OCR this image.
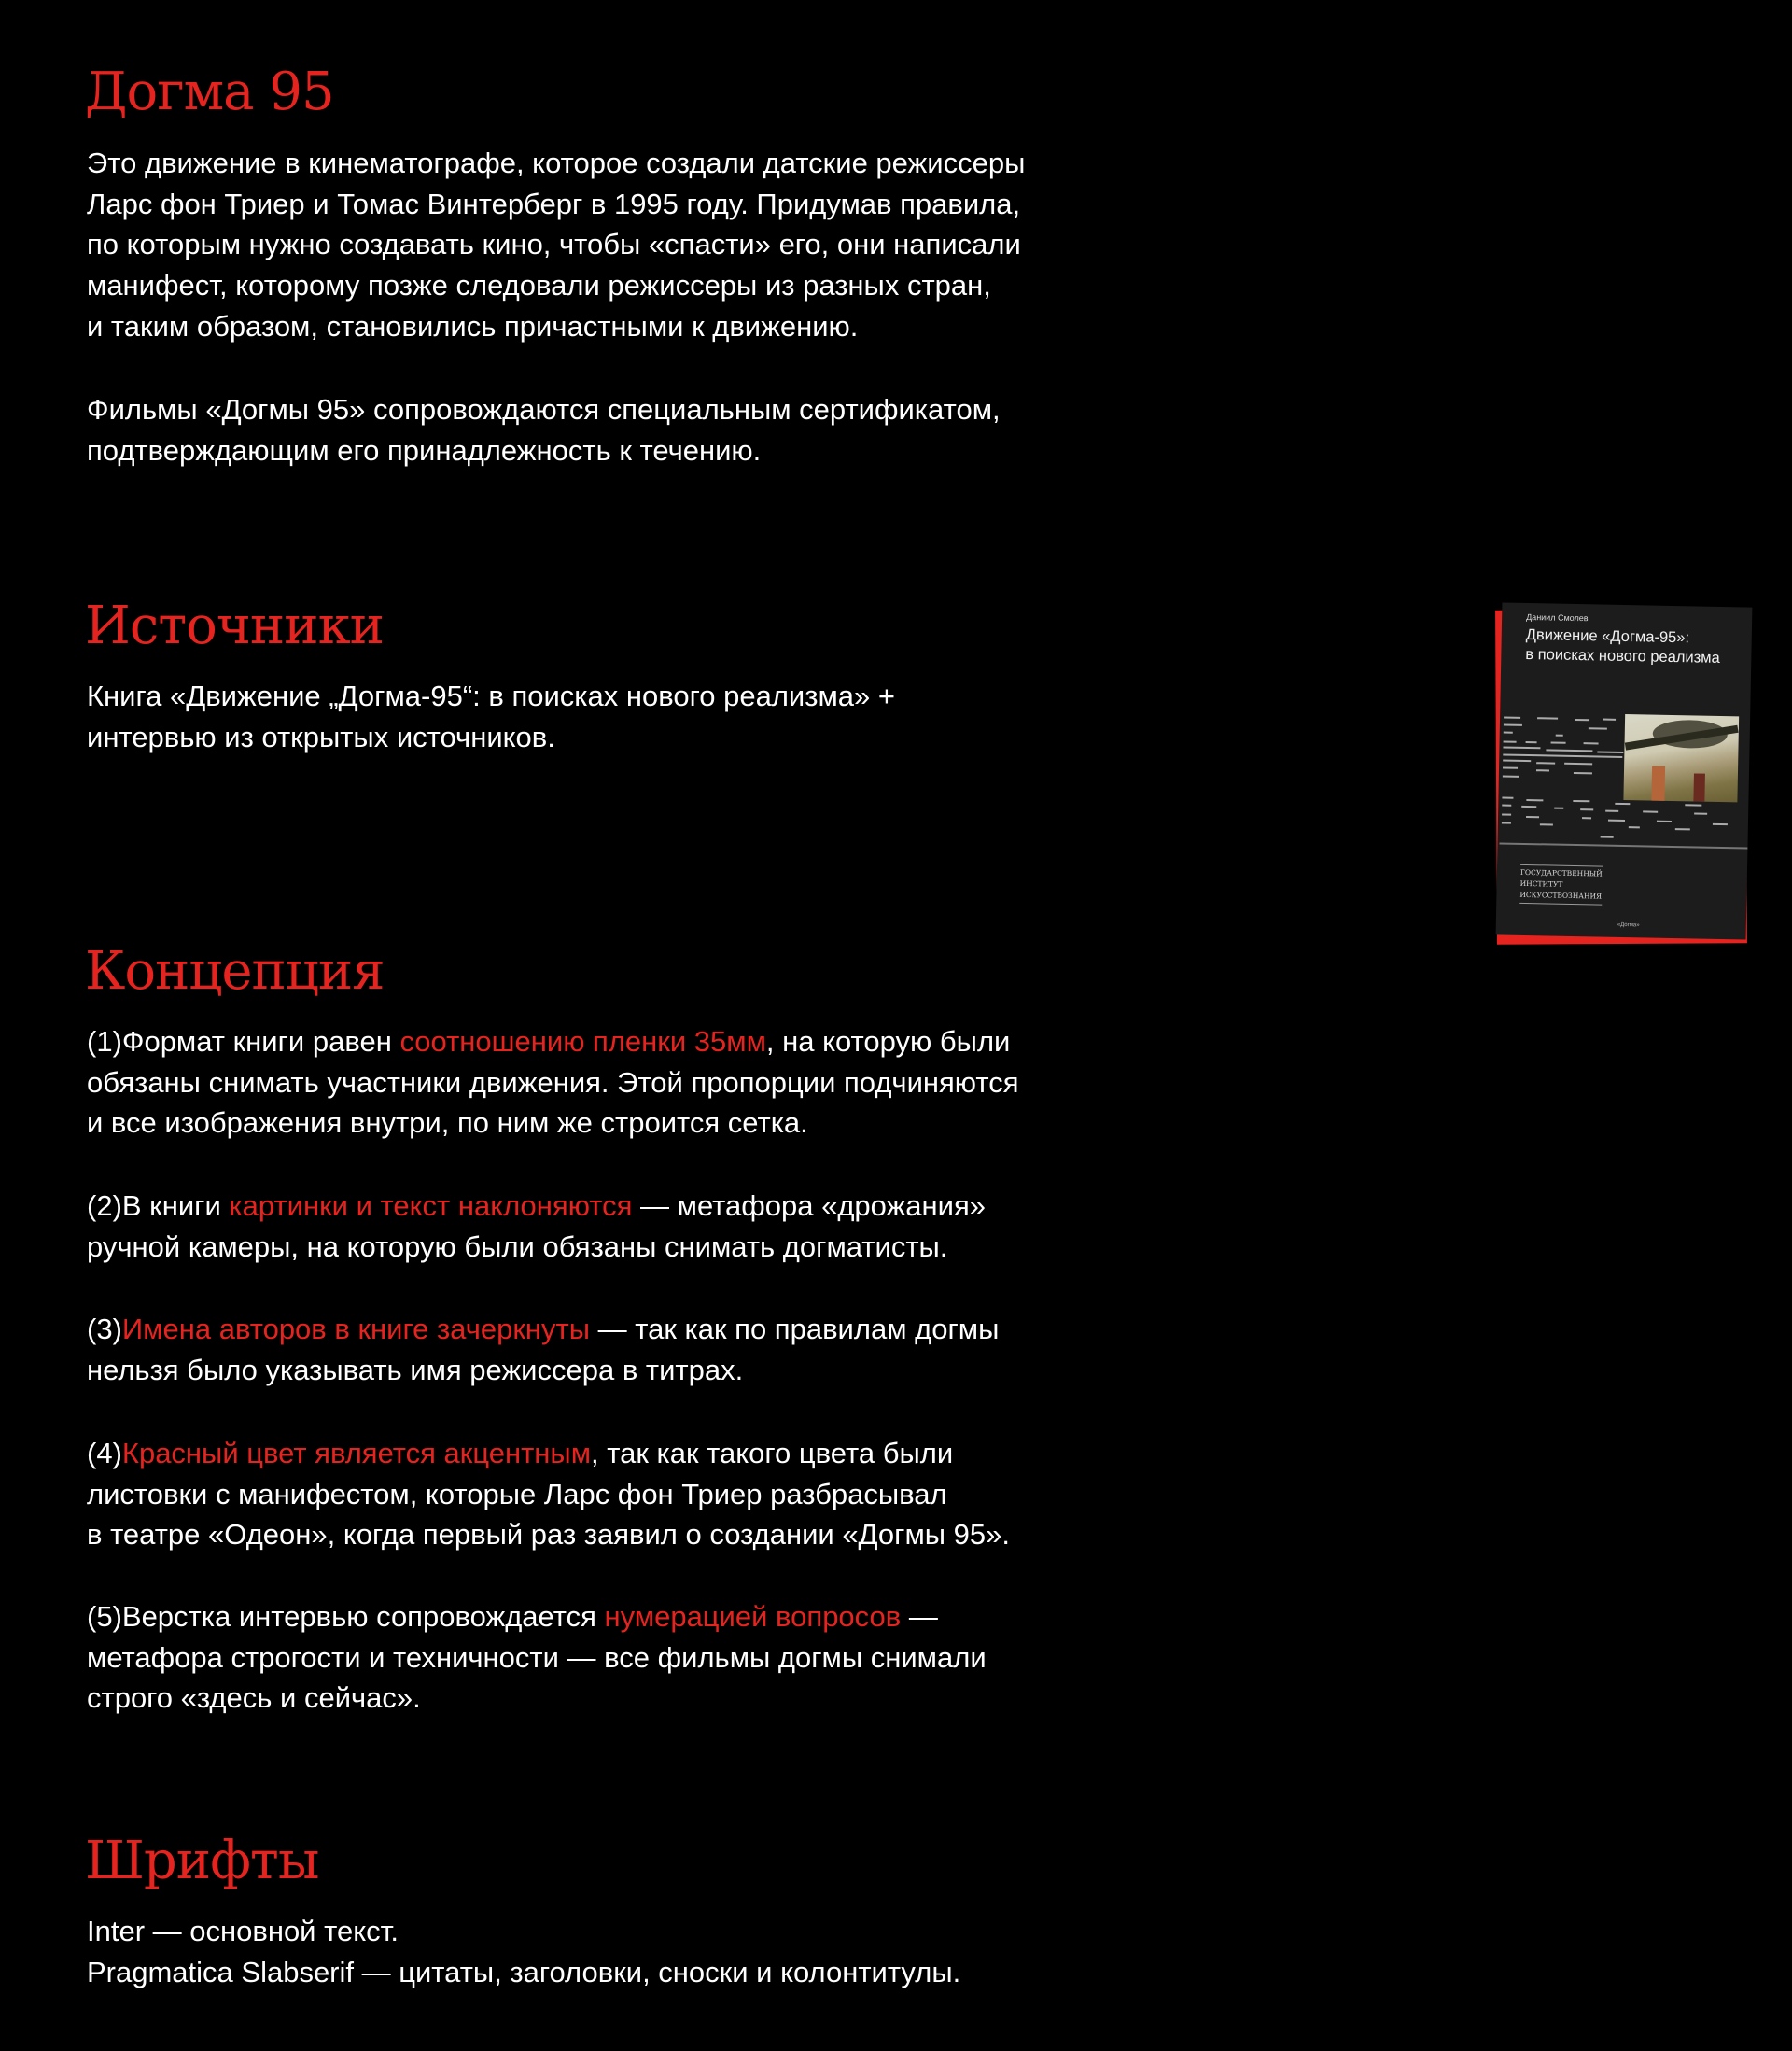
Догма 95
Это движение в кинематографе, которое создали датские режиссеры
Ларс фон Триер и Томас Винтерберг в 1995 году. Придумав правила,
по которым нужно создавать кино, чтобы «спасти» его, они написали
манифест, которому позже следовали режиссеры из разных стран,
и таким образом, становились причастными к движению.
Фильмы «Догмы 95» сопровождаются специальным сертификатом,
подтверждающим его принадлежность к течению.
Источники
Книга «Движение „Догма-95“: в поисках нового реализма» +
интервью из открытых источников.
Даниил Смолев
Движение «Догма-95»:
в поисках нового реализма
ГОСУДАРСТВЕННЫЙ
ИНСТИТУТ
ИСКУССТВОЗНАНИЯ
«Догма»
Концепция
(1)Формат книги равен соотношению пленки 35мм, на которую были
обязаны снимать участники движения. Этой пропорции подчиняются
и все изображения внутри, по ним же строится сетка.
(2)В книги картинки и текст наклоняются — метафора «дрожания»
ручной камеры, на которую были обязаны снимать догматисты.
(3)Имена авторов в книге зачеркнуты — так как по правилам догмы
нельзя было указывать имя режиссера в титрах.
(4)Красный цвет является акцентным, так как такого цвета были
листовки с манифестом, которые Ларс фон Триер разбрасывал
в театре «Одеон», когда первый раз заявил о создании «Догмы 95».
(5)Верстка интервью сопровождается нумерацией вопросов —
метафора строгости и техничности — все фильмы догмы снимали
строго «здесь и сейчас».
Шрифты
Inter — основной текст.
Pragmatica Slabserif — цитаты, заголовки, сноски и колонтитулы.
